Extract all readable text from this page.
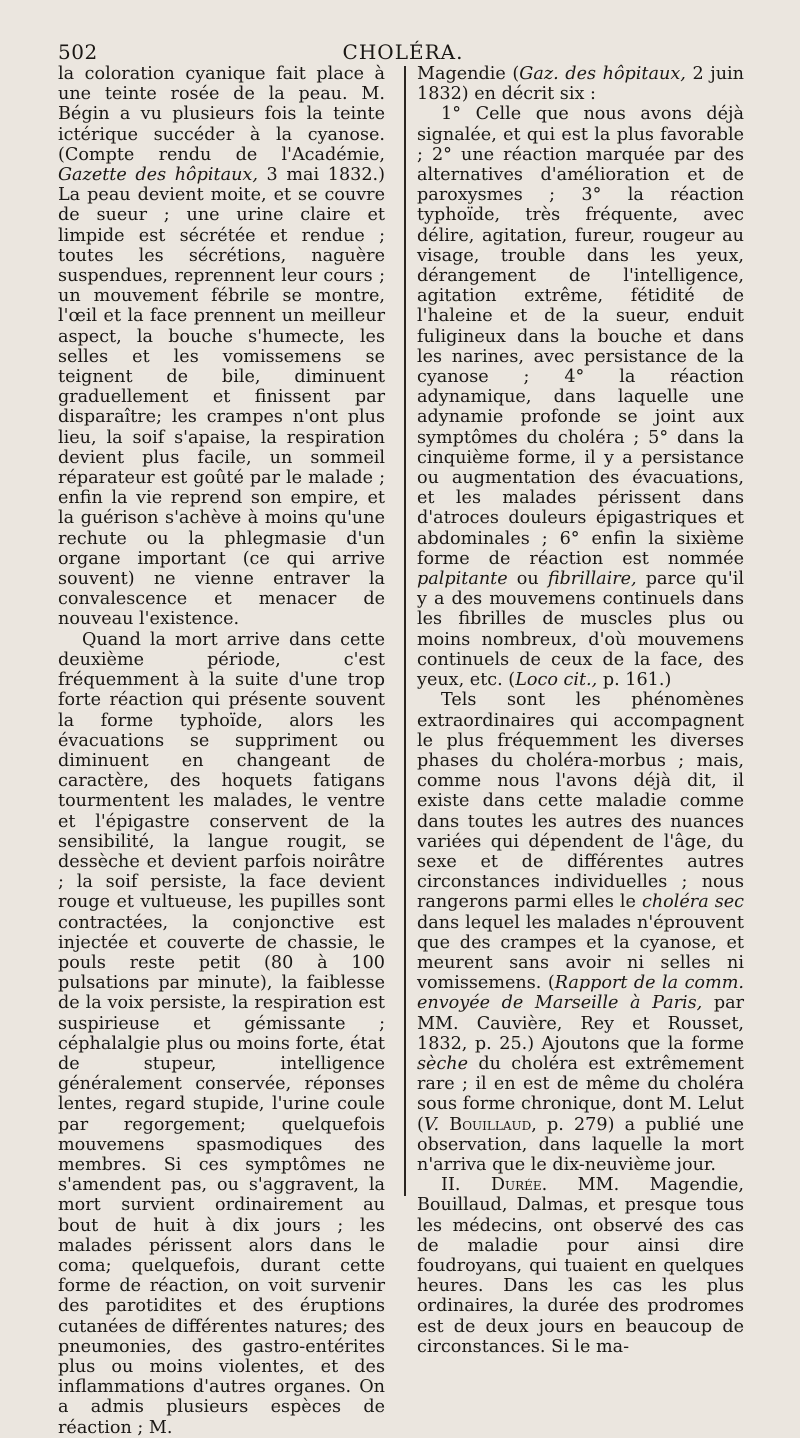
502	CHOLÉRA.

la coloration cyanique fait place à une teinte rosée de la peau. M. Bégin a vu plusieurs fois la teinte ictérique succéder à la cyanose. (Compte rendu de l'Académie, Gazette des hôpitaux, 3 mai 1832.) La peau devient moite, et se couvre de sueur ; une urine claire et limpide est sécrétée et rendue ; toutes les sécrétions, naguère suspendues, reprennent leur cours ; un mouvement fébrile se montre, l'œil et la face prennent un meilleur aspect, la bouche s'humecte, les selles et les vomissemens se teignent de bile, diminuent graduellement et finissent par disparaître; les crampes n'ont plus lieu, la soif s'apaise, la respiration devient plus facile, un sommeil réparateur est goûté par le malade ; enfin la vie reprend son empire, et la guérison s'achève à moins qu'une rechute ou la phlegmasie d'un organe important (ce qui arrive souvent) ne vienne entraver la convalescence et menacer de nouveau l'existence.

Quand la mort arrive dans cette deuxième période, c'est fréquemment à la suite d'une trop forte réaction qui présente souvent la forme typhoïde, alors les évacuations se suppriment ou diminuent en changeant de caractère, des hoquets fatigans tourmentent les malades, le ventre et l'épigastre conservent de la sensibilité, la langue rougit, se dessèche et devient parfois noirâtre ; la soif persiste, la face devient rouge et vultueuse, les pupilles sont contractées, la conjonctive est injectée et couverte de chassie, le pouls reste petit (80 à 100 pulsations par minute), la faiblesse de la voix persiste, la respiration est suspirieuse et gémissante ; céphalalgie plus ou moins forte, état de stupeur, intelligence généralement conservée, réponses lentes, regard stupide, l'urine coule par regorgement; quelquefois mouvemens spasmodiques des membres. Si ces symptômes ne s'amendent pas, ou s'aggravent, la mort survient ordinairement au bout de huit à dix jours ; les malades périssent alors dans le coma; quelquefois, durant cette forme de réaction, on voit survenir des parotidites et des éruptions cutanées de différentes natures; des pneumonies, des gastro-entérites plus ou moins violentes, et des inflammations d'autres organes. On a admis plusieurs espèces de réaction ; M.

Magendie (Gaz. des hôpitaux, 2 juin 1832) en décrit six :

1° Celle que nous avons déjà signalée, et qui est la plus favorable ; 2° une réaction marquée par des alternatives d'amélioration et de paroxysmes ; 3° la réaction typhoïde, très fréquente, avec délire, agitation, fureur, rougeur au visage, trouble dans les yeux, dérangement de l'intelligence, agitation extrême, fétidité de l'haleine et de la sueur, enduit fuligineux dans la bouche et dans les narines, avec persistance de la cyanose ; 4° la réaction adynamique, dans laquelle une adynamie profonde se joint aux symptômes du choléra ; 5° dans la cinquième forme, il y a persistance ou augmentation des évacuations, et les malades périssent dans d'atroces douleurs épigastriques et abdominales ; 6° enfin la sixième forme de réaction est nommée palpitante ou fibrillaire, parce qu'il y a des mouvemens continuels dans les fibrilles de muscles plus ou moins nombreux, d'où mouvemens continuels de ceux de la face, des yeux, etc. (Loco cit., p. 161.)

Tels sont les phénomènes extraordinaires qui accompagnent le plus fréquemment les diverses phases du choléra-morbus ; mais, comme nous l'avons déjà dit, il existe dans cette maladie comme dans toutes les autres des nuances variées qui dépendent de l'âge, du sexe et de différentes autres circonstances individuelles ; nous rangerons parmi elles le choléra sec dans lequel les malades n'éprouvent que des crampes et la cyanose, et meurent sans avoir ni selles ni vomissemens. (Rapport de la comm. envoyée de Marseille à Paris, par MM. Cauvière, Rey et Rousset, 1832, p. 25.) Ajoutons que la forme sèche du choléra est extrêmement rare ; il en est de même du choléra sous forme chronique, dont M. Lelut (V. Bouillaud, p. 279) a publié une observation, dans laquelle la mort n'arriva que le dix-neuvième jour.

II. Durée. MM. Magendie, Bouillaud, Dalmas, et presque tous les médecins, ont observé des cas de maladie pour ainsi dire foudroyans, qui tuaient en quelques heures. Dans les cas les plus ordinaires, la durée des prodromes est de deux jours en beaucoup de circonstances. Si le ma-
